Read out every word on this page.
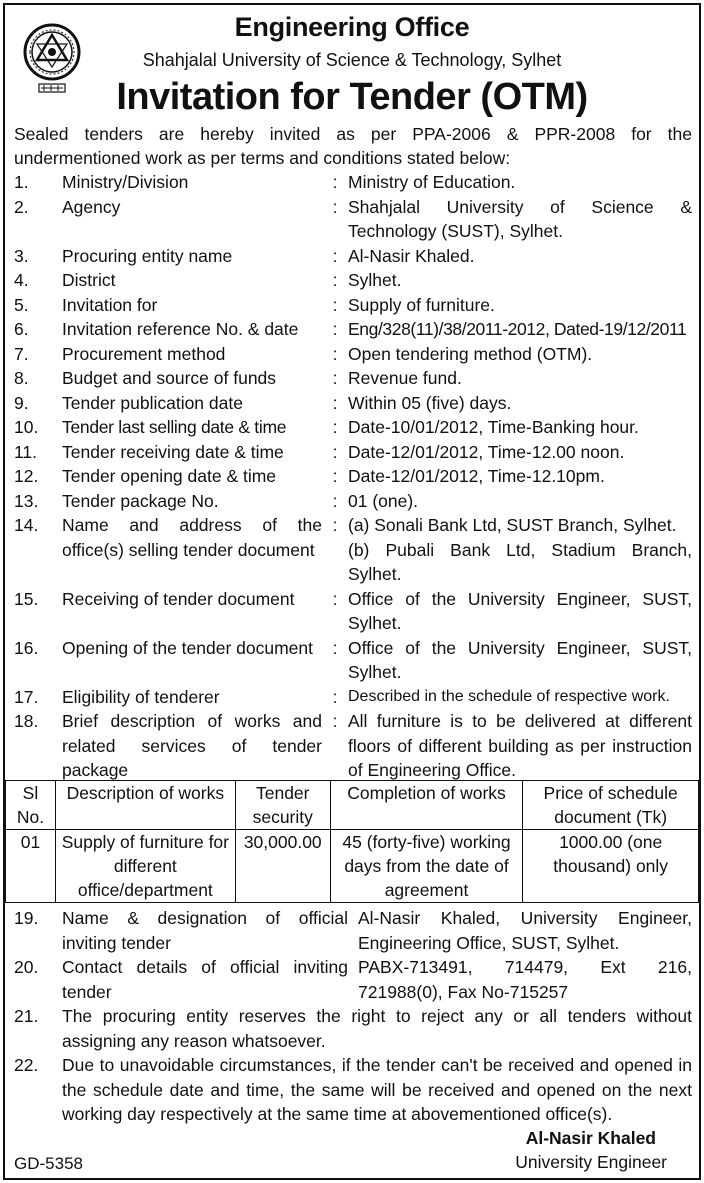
Engineering Office
Shahjalal University of Science & Technology, Sylhet
Invitation for Tender (OTM)
Sealed tenders are hereby invited as per PPA-2006 & PPR-2008 for the
undermentioned work as per terms and conditions stated below:
1.	Ministry/Division	: Ministry of Education.
2.	Agency	: Shahjalal University of Science & Technology (SUST), Sylhet.
3.	Procuring entity name	: Al-Nasir Khaled.
4.	District	: Sylhet.
5.	Invitation for	: Supply of furniture.
6.	Invitation reference No. & date	: Eng/328(11)/38/2011-2012, Dated-19/12/2011
7.	Procurement method	: Open tendering method (OTM).
8.	Budget and source of funds	: Revenue fund.
9.	Tender publication date	: Within 05 (five) days.
10.	Tender last selling date & time	: Date-10/01/2012, Time-Banking hour.
11.	Tender receiving date & time	: Date-12/01/2012, Time-12.00 noon.
12.	Tender opening date & time	: Date-12/01/2012, Time-12.10pm.
13.	Tender package No.	: 01 (one).
14.	Name and address of the office(s) selling tender document
: (a) Sonali Bank Ltd, SUST Branch, Sylhet.
(b) Pubali Bank Ltd, Stadium Branch, Sylhet.
15.	Receiving of tender document	: Office of the University Engineer, SUST, Sylhet.
16.	Opening of the tender document	: Office of the University Engineer, SUST, Sylhet.
17.	Eligibility of tenderer	: Described in the schedule of respective work.
18.	Brief description of works and related services of tender package
: All furniture is to be delivered at different floors of different building as per instruction of Engineering Office.
Sl No.	Description of works	Tender security	Completion of works	Price of schedule document (Tk)
01	Supply of furniture for different office/department	30,000.00	45 (forty-five) working days from the date of agreement	1000.00 (one thousand) only
19.	Name & designation of official inviting tender
Al-Nasir Khaled, University Engineer, Engineering Office, SUST, Sylhet.
20.	Contact details of official inviting tender
PABX-713491, 714479, Ext 216, 721988(0), Fax No-715257
21.	The procuring entity reserves the right to reject any or all tenders without assigning any reason whatsoever.
22.	Due to unavoidable circumstances, if the tender can't be received and opened in the schedule date and time, the same will be received and opened on the next working day respectively at the same time at abovementioned office(s).
Al-Nasir Khaled
University Engineer
GD-5358
